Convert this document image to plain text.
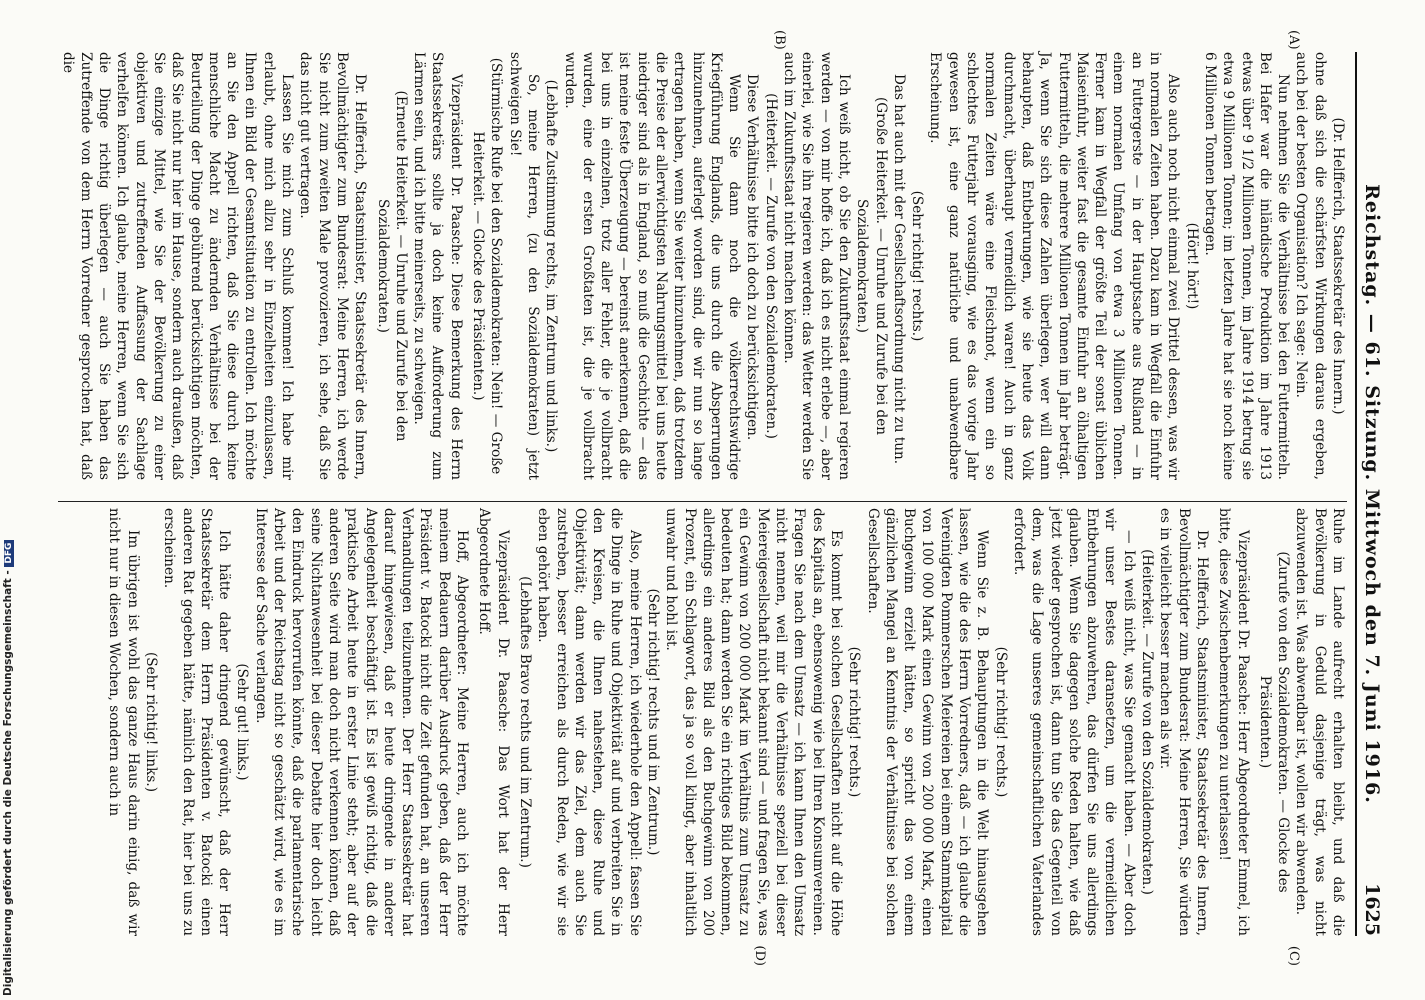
Reichstag. — 61. Sitzung. Mittwoch den 7. Juni 1916.
1625
(A)
(B)
(C)
(D)

(Dr. Helfferich, Staatssekretär des Innern.)

ohne daß sich die schärfsten Wirkungen daraus ergeben, auch bei der besten Organisation? Ich sage: Nein.

Nun nehmen Sie die Verhältnisse bei den Futtermitteln. Bei Hafer war die inländische Produktion im Jahre 1913 etwas über 9 1/2 Millionen Tonnen, im Jahre 1914 betrug sie etwa 9 Millionen Tonnen; im letzten Jahre hat sie noch keine 6 Millionen Tonnen betragen.

(Hört! hört!)

Also auch noch nicht einmal zwei Drittel dessen, was wir in normalen Zeiten haben. Dazu kam in Wegfall die Einfuhr an Futtergerste — in der Hauptsache aus Rußland — in einem normalen Umfang von etwa 3 Millionen Tonnen. Ferner kam in Wegfall der größte Teil der sonst üblichen Maiseinfuhr, weiter fast die gesamte Einfuhr an ölhaltigen Futtermitteln, die mehrere Millionen Tonnen im Jahr beträgt. Ja, wenn Sie sich diese Zahlen überlegen, wer will dann behaupten, daß Entbehrungen, wie sie heute das Volk durchmacht, überhaupt vermeidlich waren! Auch in ganz normalen Zeiten wäre eine Fleischnot, wenn ein so schlechtes Futterjahr vorausging, wie es das vorige Jahr gewesen ist, eine ganz natürliche und unabwendbare Erscheinung.

(Sehr richtig! rechts.)

Das hat auch mit der Gesellschaftsordnung nicht zu tun.

(Große Heiterkeit. — Unruhe und Zurufe bei den Sozialdemokraten.)

Ich weiß nicht, ob Sie den Zukunftsstaat einmal regieren werden — von mir hoffe ich, daß ich es nicht erlebe —, aber einerlei, wie Sie ihn regieren werden: das Wetter werden Sie auch im Zukunftsstaat nicht machen können.

(Heiterkeit. — Zurufe von den Sozialdemokraten.)

Diese Verhältnisse bitte ich doch zu berücksichtigen.

Wenn Sie dann noch die völkerrechtswidrige Kriegführung Englands, die uns durch die Absperrungen hinzunehmen, auferlegt worden sind, die wir nun so lange ertragen haben, wenn Sie weiter hinzunehmen, daß trotzdem die Preise der allerwichtigsten Nahrungsmittel bei uns heute niedriger sind als in England, so muß die Geschichte — das ist meine feste Überzeugung — bereinst anerkennen, daß die bei uns in einzelnen, trotz aller Fehler, die je vollbracht wurden, eine der ersten Großtaten ist, die je vollbracht wurden.

(Lebhafte Zustimmung rechts, im Zentrum und links.)

So, meine Herren, (zu den Sozialdemokraten) jetzt schweigen Sie!

(Stürmische Rufe bei den Sozialdemokraten: Nein! — Große Heiterkeit. — Glocke des Präsidenten.)

Vizepräsident Dr. Paasche: Diese Bemerkung des Herrn Staatssekretärs sollte ja doch keine Aufforderung zum Lärmen sein, und ich bitte meinerseits, zu schweigen.

(Erneute Heiterkeit. — Unruhe und Zurufe bei den Sozialdemokraten.)

Dr. Helfferich, Staatsminister, Staatssekretär des Innern, Bevollmächtigter zum Bundesrat: Meine Herren, ich werde Sie nicht zum zweiten Male provozieren, ich sehe, daß Sie das nicht gut vertragen.

Lassen Sie mich zum Schluß kommen! Ich habe mir erlaubt, ohne mich allzu sehr in Einzelheiten einzulassen, Ihnen ein Bild der Gesamtsituation zu entrollen. Ich möchte an Sie den Appell richten, daß Sie diese durch keine menschliche Macht zu ändernden Verhältnisse bei der Beurteilung der Dinge gebührend berücksichtigen möchten, daß Sie nicht nur hier im Hause, sondern auch draußen, daß Sie einzige Mittel, wie Sie der Bevölkerung zu einer objektiven und zutreffenden Auffassung der Sachlage verhelfen können. Ich glaube, meine Herren, wenn Sie sich die Dinge richtig überlegen — auch Sie haben das Zutreffende von dem Herrn Vorredner gesprochen hat, daß die

Ruhe im Lande aufrecht erhalten bleibt, und daß die Bevölkerung in Geduld dasjenige trägt, was nicht abzuwenden ist. Was abwendbar ist, wollen wir abwenden.

(Zurufe von den Sozialdemokraten. — Glocke des Präsidenten.)

Vizepräsident Dr. Paasche: Herr Abgeordneter Emmel, ich bitte, diese Zwischenbemerkungen zu unterlassen!

Dr. Helfferich, Staatsminister, Staatssekretär des Innern, Bevollmächtigter zum Bundesrat: Meine Herren, Sie würden es in vielleicht besser machen als wir.

(Heiterkeit. — Zurufe von den Sozialdemokraten.)

— Ich weiß nicht, was Sie gemacht haben. — Aber doch wir unser Bestes daransetzen, um die vermeidlichen Entbehrungen abzuwehren, das dürfen Sie uns allerdings glauben. Wenn Sie dagegen solche Reden halten, wie daß jetzt wieder gesprochen ist, dann tun Sie das Gegenteil von dem, was die Lage unseres gemeinschaftlichen Vaterlandes erfordert.

(Sehr richtig! rechts.)

Wenn Sie z. B. Behauptungen in die Welt hinausgehen lassen, wie die des Herrn Vorredners, daß — ich glaube die Vereinigten Pommerschen Meiereien bei einem Stammkapital von 100 000 Mark einen Gewinn von 200 000 Mark, einen Buchgewinn erzielt hätten, so spricht das von einem gänzlichen Mangel an Kenntnis der Verhältnisse bei solchen Gesellschaften.

(Sehr richtig! rechts.)

Es kommt bei solchen Gesellschaften nicht auf die Höhe des Kapitals an, ebensowenig wie bei Ihren Konsumvereinen. Fragen Sie nach dem Umsatz — ich kann Ihnen den Umsatz nicht nennen, weil mir die Verhältnisse speziell bei dieser Meiereigesellschaft nicht bekannt sind — und fragen Sie, was ein Gewinn von 200 000 Mark im Verhältnis zum Umsatz zu bedeuten hat; dann werden Sie ein richtiges Bild bekommen, allerdings ein anderes Bild als den Buchgewinn von 200 Prozent, ein Schlagwort, das ja so voll klingt, aber inhaltlich unwahr und hohl ist.

(Sehr richtig! rechts und im Zentrum.)

Also, meine Herren, ich wiederhole den Appell: fassen Sie die Dinge in Ruhe und Objektivität auf und verbreiten Sie in den Kreisen, die Ihnen nahestehen, diese Ruhe und Objektivität; dann werden wir das Ziel, dem auch Sie zustreben, besser erreichen als durch Reden, wie wir sie eben gehört haben.

(Lebhaftes Bravo rechts und im Zentrum.)

Vizepräsident Dr. Paasche: Das Wort hat der Herr Abgeordnete Hoff.

Hoff, Abgeordneter: Meine Herren, auch ich möchte meinem Bedauern darüber Ausdruck geben, daß der Herr Präsident v. Batocki nicht die Zeit gefunden hat, an unseren Verhandlungen teilzunehmen. Der Herr Staatssekretär hat darauf hingewiesen, daß er heute dringende in anderer Angelegenheit beschäftigt ist. Es ist gewiß richtig, daß die praktische Arbeit heute in erster Linie steht; aber auf der anderen Seite wird man doch nicht verkennen können, daß seine Nichtanwesenheit bei dieser Debatte hier doch leicht den Eindruck hervorrufen könnte, daß die parlamentarische Arbeit und der Reichstag nicht so geschätzt wird, wie es im Interesse der Sache verlangen.

(Sehr gut! links.)

Ich hätte daher dringend gewünscht, daß der Herr Staatssekretär dem Herrn Präsidenten v. Batocki einen anderen Rat gegeben hätte, nämlich den Rat, hier bei uns zu erscheinen.

(Sehr richtig! links.)

Im übrigen ist wohl das ganze Haus darin einig, daß wir nicht nur in diesen Wochen, sondern auch in

Digitalisierung gefördert durch die Deutsche Forschungsgemeinschaft - DFG
